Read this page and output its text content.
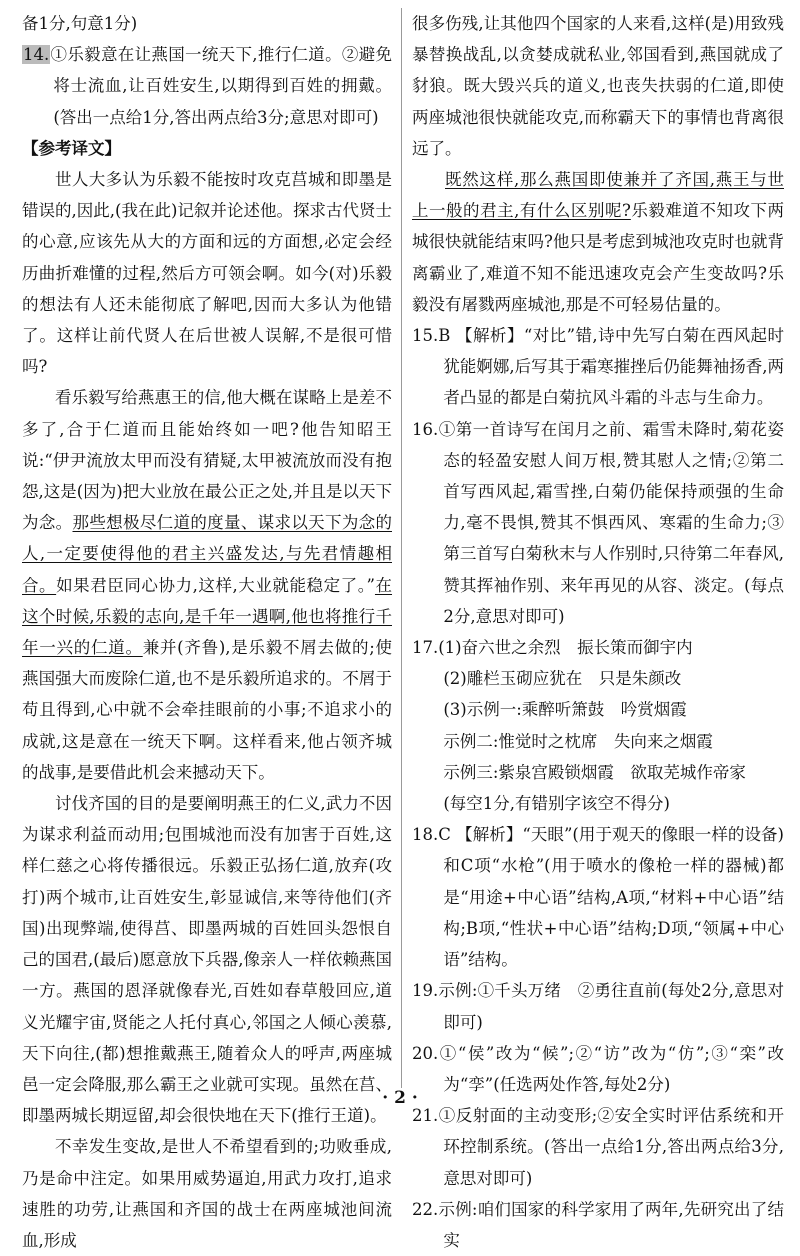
备1分,句意1分)

14.①乐毅意在让燕国一统天下,推行仁道。②避免将士流血,让百姓安生,以期得到百姓的拥戴。(答出一点给1分,答出两点给3分;意思对即可)

【参考译文】

世人大多认为乐毅不能按时攻克莒城和即墨是错误的,因此,(我在此)记叙并论述他。探求古代贤士的心意,应该先从大的方面和远的方面想,必定会经历曲折难懂的过程,然后方可领会啊。如今(对)乐毅的想法有人还未能彻底了解吧,因而大多认为他错了。这样让前代贤人在后世被人误解,不是很可惜吗?

看乐毅写给燕惠王的信,他大概在谋略上是差不多了,合于仁道而且能始终如一吧?他告知昭王说:“伊尹流放太甲而没有猜疑,太甲被流放而没有抱怨,这是(因为)把大业放在最公正之处,并且是以天下为念。那些想极尽仁道的度量、谋求以天下为念的人,一定要使得他的君主兴盛发达,与先君情趣相合。如果君臣同心协力,这样,大业就能稳定了。”在这个时候,乐毅的志向,是千年一遇啊,他也将推行千年一兴的仁道。兼并(齐鲁),是乐毅不屑去做的;使燕国强大而废除仁道,也不是乐毅所追求的。不屑于苟且得到,心中就不会牵挂眼前的小事;不追求小的成就,这是意在一统天下啊。这样看来,他占领齐城的战事,是要借此机会来撼动天下。

讨伐齐国的目的是要阐明燕王的仁义,武力不因为谋求利益而动用;包围城池而没有加害于百姓,这样仁慈之心将传播很远。乐毅正弘扬仁道,放弃(攻打)两个城市,让百姓安生,彰显诚信,来等待他们(齐国)出现弊端,使得莒、即墨两城的百姓回头怨恨自己的国君,(最后)愿意放下兵器,像亲人一样依赖燕国一方。燕国的恩泽就像春光,百姓如春草般回应,道义光耀宇宙,贤能之人托付真心,邻国之人倾心羡慕,天下向往,(都)想推戴燕王,随着众人的呼声,两座城邑一定会降服,那么霸王之业就可实现。虽然在莒、即墨两城长期逗留,却会很快地在天下(推行王道)。

不幸发生变故,是世人不希望看到的;功败垂成,乃是命中注定。如果用威势逼迫,用武力攻打,追求速胜的功劳,让燕国和齐国的战士在两座城池间流血,形成

很多伤残,让其他四个国家的人来看,这样(是)用致残暴替换战乱,以贪婪成就私业,邻国看到,燕国就成了豺狼。既大毁兴兵的道义,也丧失扶弱的仁道,即使两座城池很快就能攻克,而称霸天下的事情也背离很远了。

既然这样,那么燕国即使兼并了齐国,燕王与世上一般的君主,有什么区别呢?乐毅难道不知攻下两城很快就能结束吗?他只是考虑到城池攻克时也就背离霸业了,难道不知不能迅速攻克会产生变故吗?乐毅没有屠戮两座城池,那是不可轻易估量的。

15.B 【解析】“对比”错,诗中先写白菊在西风起时犹能婀娜,后写其于霜寒摧挫后仍能舞袖扬香,两者凸显的都是白菊抗风斗霜的斗志与生命力。

16.①第一首诗写在闰月之前、霜雪未降时,菊花姿态的轻盈安慰人间万根,赞其慰人之情;②第二首写西风起,霜雪挫,白菊仍能保持顽强的生命力,毫不畏惧,赞其不惧西风、寒霜的生命力;③第三首写白菊秋末与人作别时,只待第二年春风,赞其挥袖作别、来年再见的从容、淡定。(每点2分,意思对即可)

17.(1)奋六世之余烈　振长策而御宇内

(2)雕栏玉砌应犹在　只是朱颜改

(3)示例一:乘醉听箫鼓　吟赏烟霞

示例二:惟觉时之枕席　失向来之烟霞

示例三:紫泉宫殿锁烟霞　欲取芜城作帝家

(每空1分,有错别字该空不得分)

18.C 【解析】“天眼”(用于观天的像眼一样的设备)和C项“水枪”(用于喷水的像枪一样的器械)都是“用途+中心语”结构,A项,“材料+中心语”结构;B项,“性状+中心语”结构;D项,“领属+中心语”结构。

19.示例:①千头万绪　②勇往直前(每处2分,意思对即可)

20.①“侯”改为“候”;②“访”改为“仿”;③“栾”改为“孪”(任选两处作答,每处2分)

21.①反射面的主动变形;②安全实时评估系统和开环控制系统。(答出一点给1分,答出两点给3分,意思对即可)

22.示例:咱们国家的科学家用了两年,先研究出了结实

· 2 ·
